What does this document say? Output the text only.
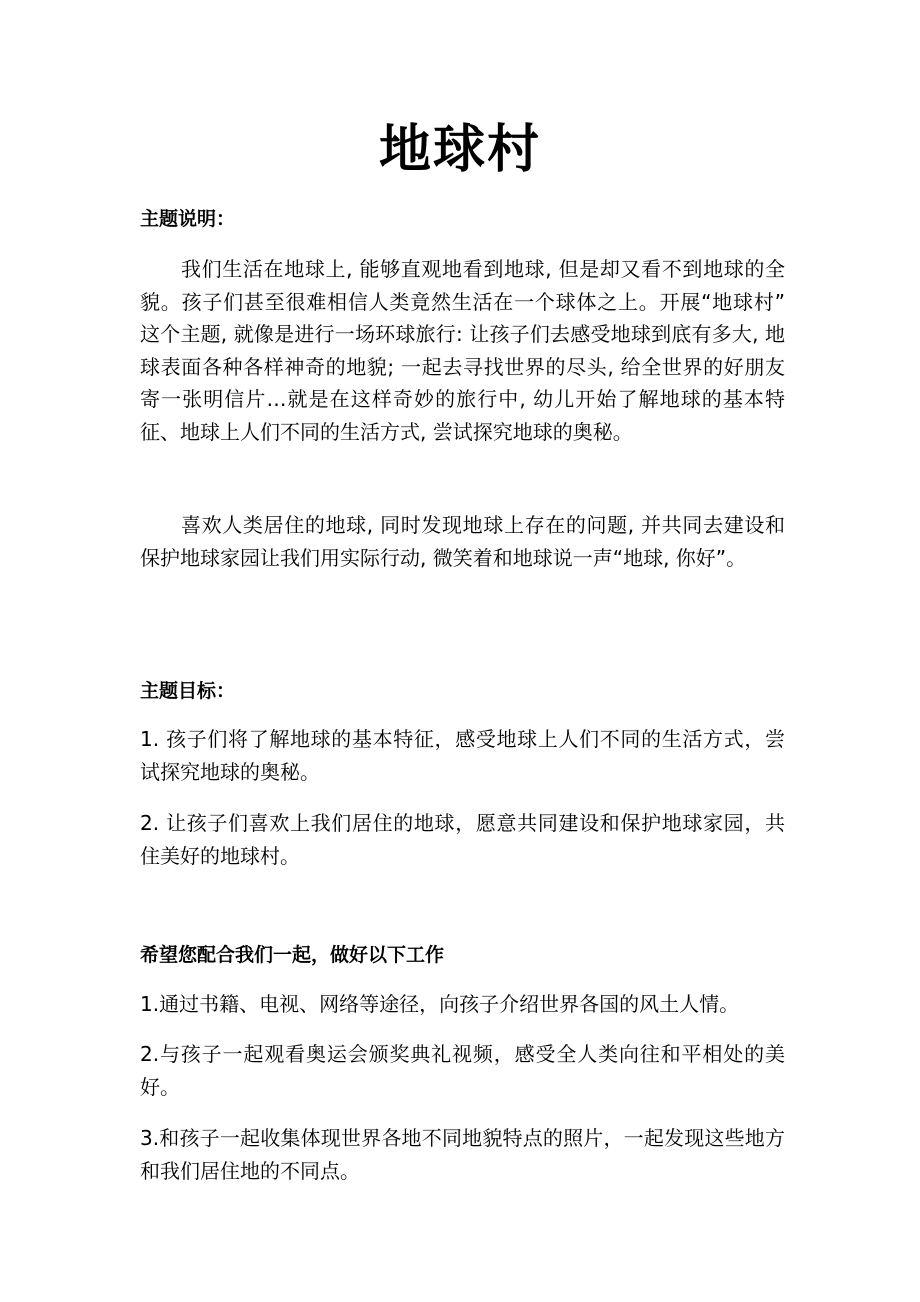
地球村
主题说明：
我们生活在地球上, 能够直观地看到地球, 但是却又看不到地球的全貌。孩子们甚至很难相信人类竟然生活在一个球体之上。开展“地球村” 这个主题, 就像是进行一场环球旅行: 让孩子们去感受地球到底有多大, 地球表面各种各样神奇的地貌; 一起去寻找世界的尽头, 给全世界的好朋友寄一张明信片…就是在这样奇妙的旅行中, 幼儿开始了解地球的基本特征、地球上人们不同的生活方式, 尝试探究地球的奥秘。
喜欢人类居住的地球, 同时发现地球上存在的问题, 并共同去建设和保护地球家园让我们用实际行动, 微笑着和地球说一声“地球, 你好”。
主题目标：
1. 孩子们将了解地球的基本特征，感受地球上人们不同的生活方式，尝试探究地球的奥秘。
2. 让孩子们喜欢上我们居住的地球，愿意共同建设和保护地球家园，共住美好的地球村。
希望您配合我们一起，做好以下工作
1.通过书籍、电视、网络等途径，向孩子介绍世界各国的风土人情。
2.与孩子一起观看奥运会颁奖典礼视频，感受全人类向往和平相处的美好。
3.和孩子一起收集体现世界各地不同地貌特点的照片，一起发现这些地方和我们居住地的不同点。
